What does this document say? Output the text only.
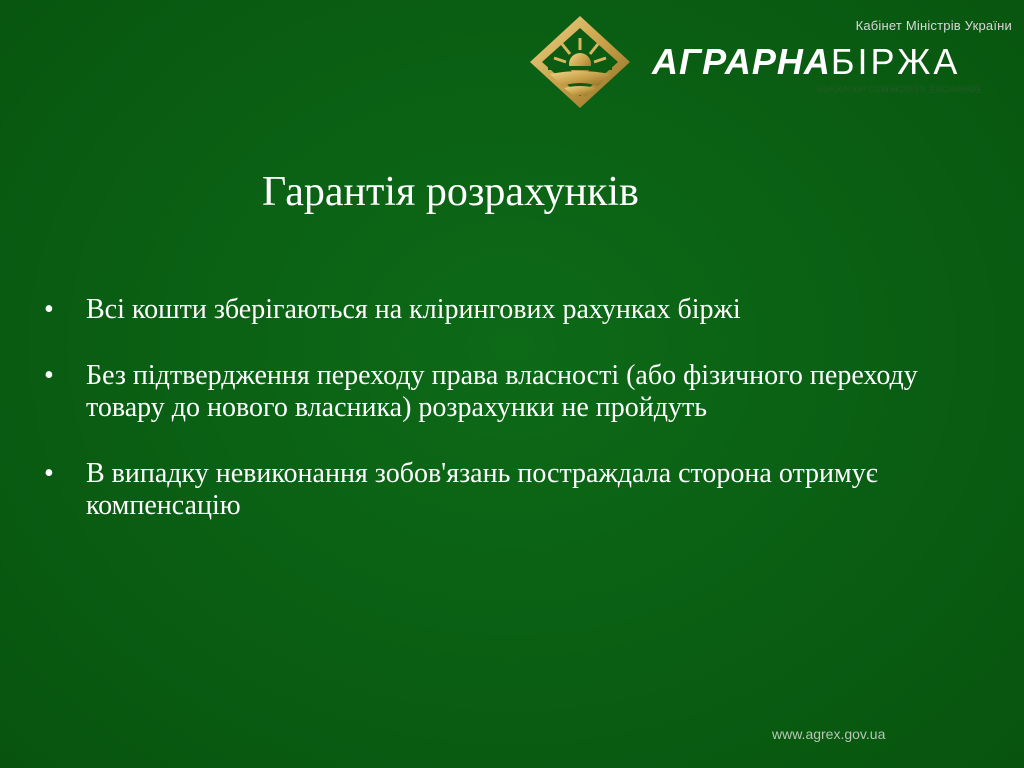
Кабінет Міністрів України
АГРАРНАБІРЖА
AGRARIAN COMMODITY EXCHANGE
Гарантія розрахунків
• Всі кошти зберігаються на клірингових рахунках біржі
• Без підтвердження переходу права власності (або фізичного переходу товару до нового власника) розрахунки не пройдуть
• В випадку невиконання зобов'язань постраждала сторона отримує компенсацію
www.agrex.gov.ua
